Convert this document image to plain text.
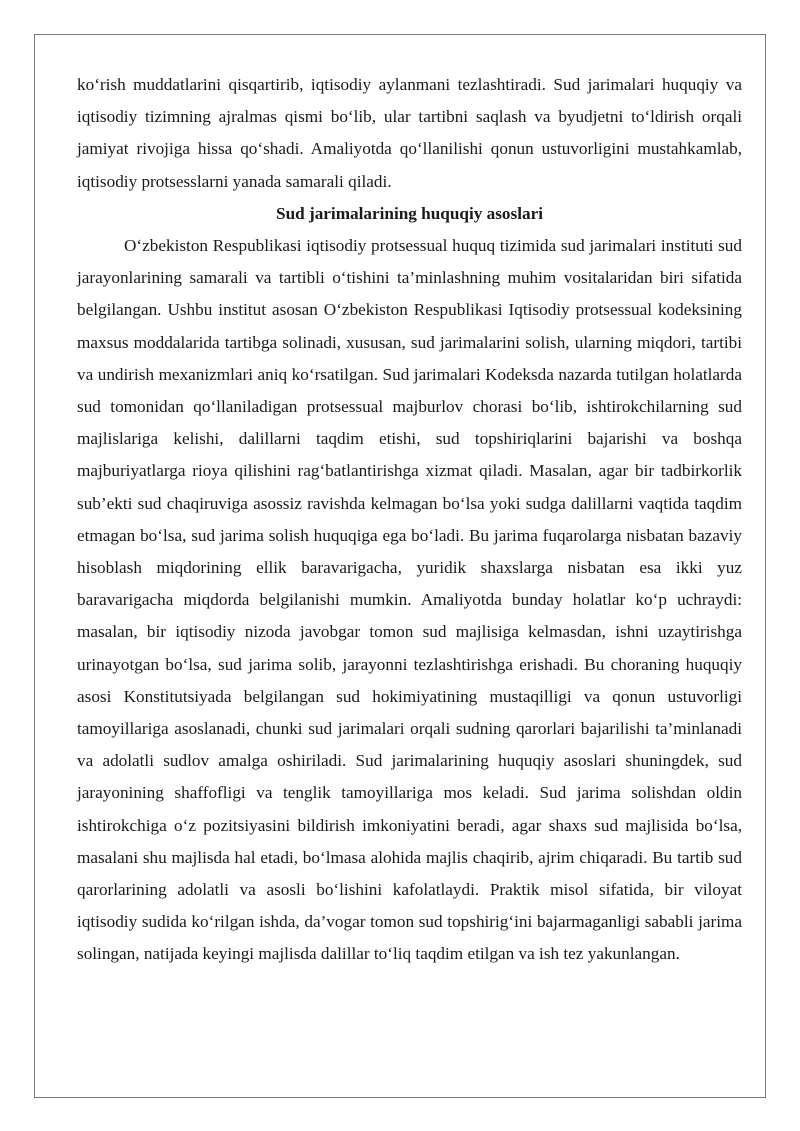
ko‘rish muddatlarini qisqartirib, iqtisodiy aylanmani tezlashtiradi. Sud jarimalari huquqiy va iqtisodiy tizimning ajralmas qismi bo‘lib, ular tartibni saqlash va byudjetni to‘ldirish orqali jamiyat rivojiga hissa qo‘shadi. Amaliyotda qo‘llanilishi qonun ustuvorligini mustahkamlab, iqtisodiy protsesslarni yanada samarali qiladi.

Sud jarimalarining huquqiy asoslari

O‘zbekiston Respublikasi iqtisodiy protsessual huquq tizimida sud jarimalari instituti sud jarayonlarining samarali va tartibli o‘tishini ta’minlashning muhim vositalaridan biri sifatida belgilangan. Ushbu institut asosan O‘zbekiston Respublikasi Iqtisodiy protsessual kodeksining maxsus moddalarida tartibga solinadi, xususan, sud jarimalarini solish, ularning miqdori, tartibi va undirish mexanizmlari aniq ko‘rsatilgan. Sud jarimalari Kodeksda nazarda tutilgan holatlarda sud tomonidan qo‘llaniladigan protsessual majburlov chorasi bo‘lib, ishtirokchilarning sud majlislariga kelishi, dalillarni taqdim etishi, sud topshiriqlarini bajarishi va boshqa majburiyatlarga rioya qilishini rag‘batlantirishga xizmat qiladi. Masalan, agar bir tadbirkorlik sub’ekti sud chaqiruviga asossiz ravishda kelmagan bo‘lsa yoki sudga dalillarni vaqtida taqdim etmagan bo‘lsa, sud jarima solish huquqiga ega bo‘ladi. Bu jarima fuqarolarga nisbatan bazaviy hisoblash miqdorining ellik baravarigacha, yuridik shaxslarga nisbatan esa ikki yuz baravarigacha miqdorda belgilanishi mumkin. Amaliyotda bunday holatlar ko‘p uchraydi: masalan, bir iqtisodiy nizoda javobgar tomon sud majlisiga kelmasdan, ishni uzaytirishga urinayotgan bo‘lsa, sud jarima solib, jarayonni tezlashtirishga erishadi. Bu choraning huquqiy asosi Konstitutsiyada belgilangan sud hokimiyatining mustaqilligi va qonun ustuvorligi tamoyillariga asoslanadi, chunki sud jarimalari orqali sudning qarorlari bajarilishi ta’minlanadi va adolatli sudlov amalga oshiriladi. Sud jarimalarining huquqiy asoslari shuningdek, sud jarayonining shaffofligi va tenglik tamoyillariga mos keladi. Sud jarima solishdan oldin ishtirokchiga o‘z pozitsiyasini bildirish imkoniyatini beradi, agar shaxs sud majlisida bo‘lsa, masalani shu majlisda hal etadi, bo‘lmasa alohida majlis chaqirib, ajrim chiqaradi. Bu tartib sud qarorlarining adolatli va asosli bo‘lishini kafolatlaydi. Praktik misol sifatida, bir viloyat iqtisodiy sudida ko‘rilgan ishda, da’vogar tomon sud topshirig‘ini bajarmaganligi sababli jarima solingan, natijada keyingi majlisda dalillar to‘liq taqdim etilgan va ish tez yakunlangan.
